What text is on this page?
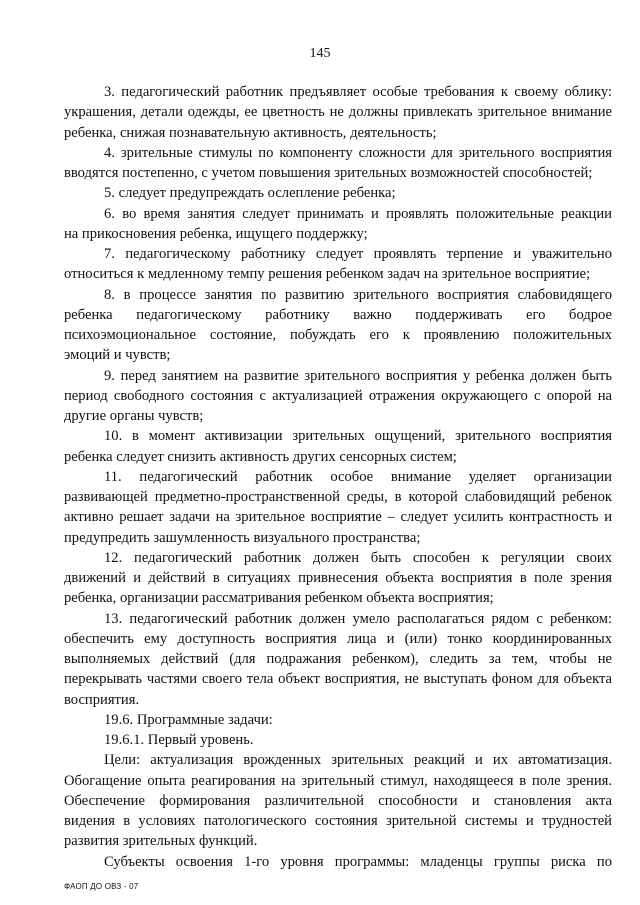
145
3. педагогический работник предъявляет особые требования к своему облику:
украшения, детали одежды, ее цветность не должны привлекать зрительное внимание
ребенка, снижая познавательную активность, деятельность;
4. зрительные стимулы по компоненту сложности для зрительного восприятия
вводятся постепенно, с учетом повышения зрительных возможностей способностей;
5. следует предупреждать ослепление ребенка;
6. во время занятия следует принимать и проявлять положительные реакции
на прикосновения ребенка, ищущего поддержку;
7. педагогическому работнику следует проявлять терпение и уважительно
относиться к медленному темпу решения ребенком задач на зрительное восприятие;
8. в процессе занятия по развитию зрительного восприятия слабовидящего
ребенка педагогическому работнику важно поддерживать его бодрое
психоэмоциональное состояние, побуждать его к проявлению положительных
эмоций и чувств;
9. перед занятием на развитие зрительного восприятия у ребенка должен быть
период свободного состояния с актуализацией отражения окружающего с опорой на
другие органы чувств;
10. в момент активизации зрительных ощущений, зрительного восприятия
ребенка следует снизить активность других сенсорных систем;
11. педагогический работник особое внимание уделяет организации
развивающей предметно-пространственной среды, в которой слабовидящий ребенок
активно решает задачи на зрительное восприятие – следует усилить контрастность и
предупредить зашумленность визуального пространства;
12. педагогический работник должен быть способен к регуляции своих
движений и действий в ситуациях привнесения объекта восприятия в поле зрения
ребенка, организации рассматривания ребенком объекта восприятия;
13. педагогический работник должен умело располагаться рядом с ребенком:
обеспечить ему доступность восприятия лица и (или) тонко координированных
выполняемых действий (для подражания ребенком), следить за тем, чтобы не
перекрывать частями своего тела объект восприятия, не выступать фоном для объекта
восприятия.
19.6. Программные задачи:
19.6.1. Первый уровень.
Цели: актуализация врожденных зрительных реакций и их автоматизация.
Обогащение опыта реагирования на зрительный стимул, находящееся в поле зрения.
Обеспечение формирования различительной способности и становления акта
видения в условиях патологического состояния зрительной системы и трудностей
развития зрительных функций.
Субъекты освоения 1-го уровня программы: младенцы группы риска по
ФАОП ДО ОВЗ - 07
